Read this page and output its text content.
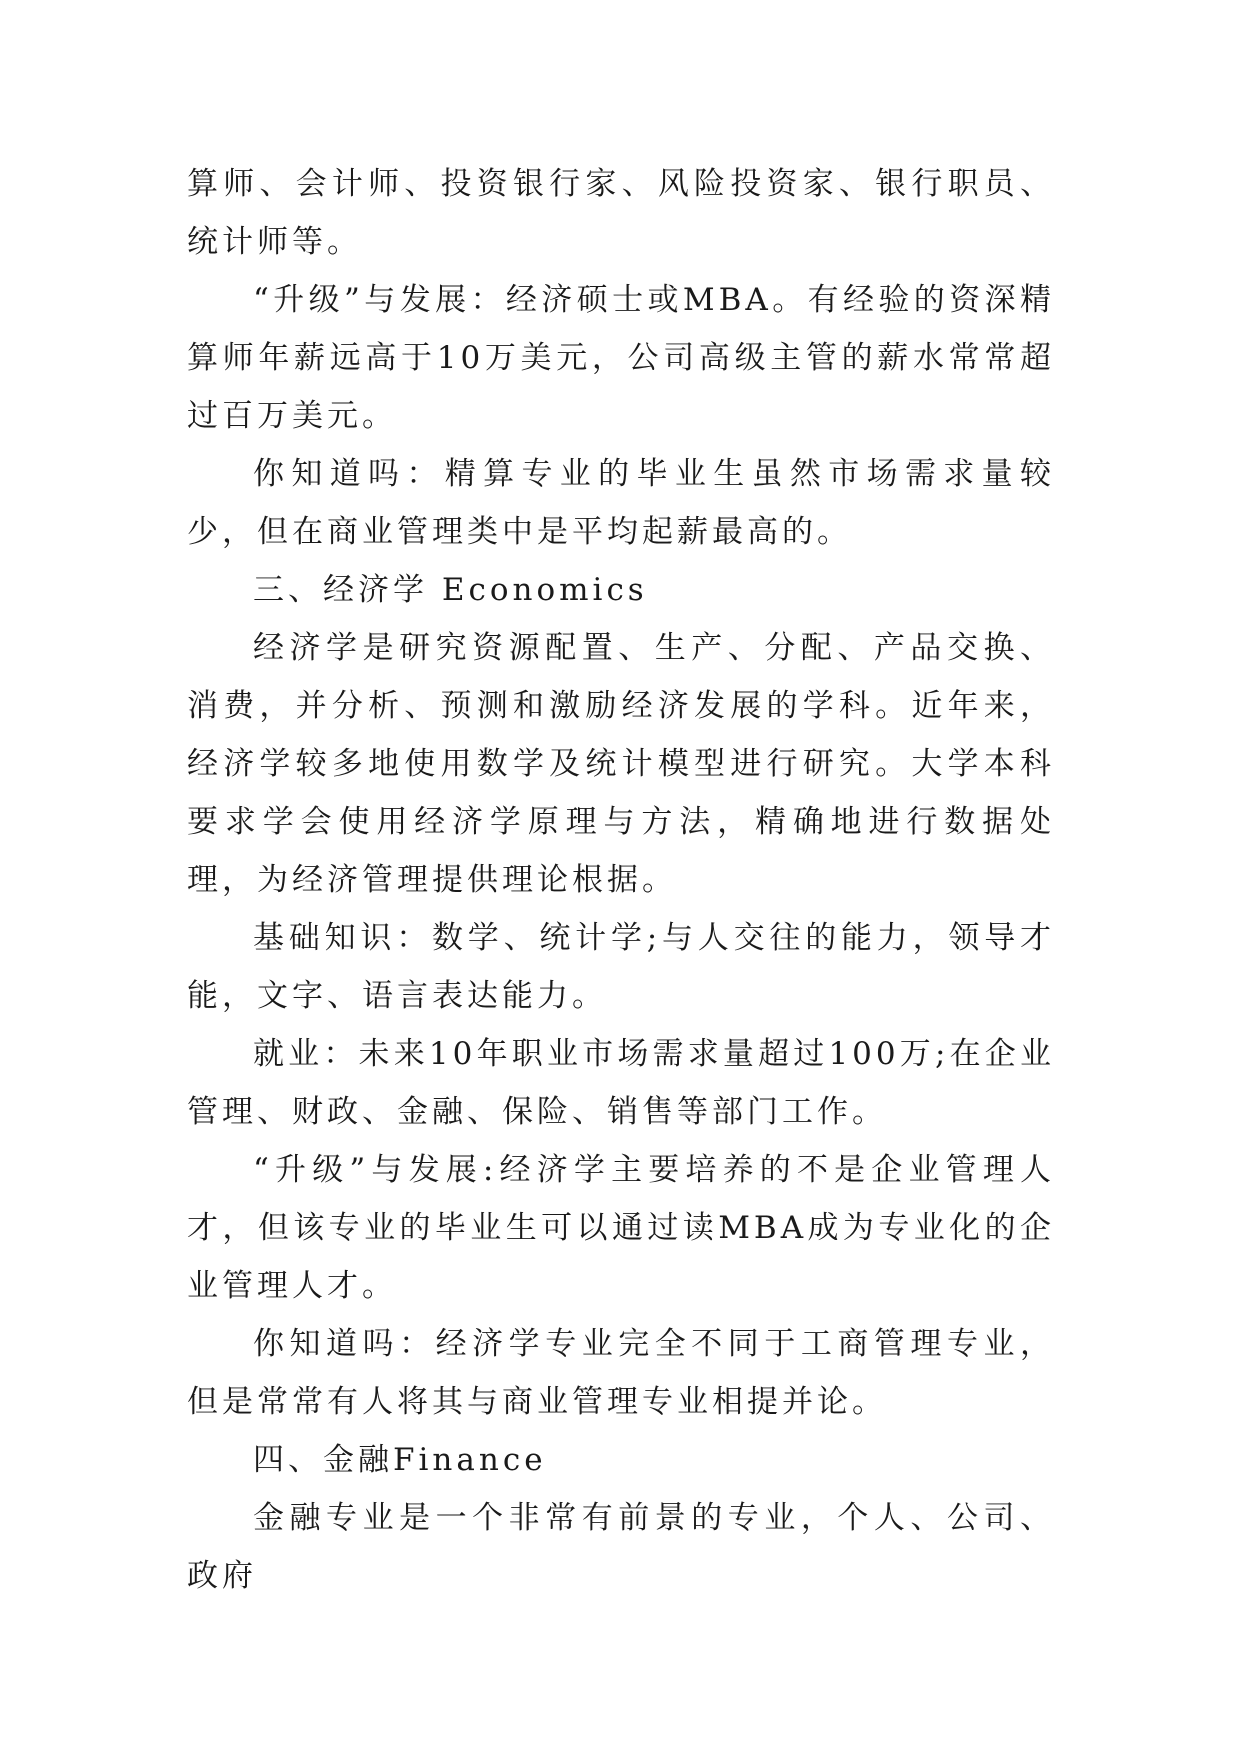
算师、会计师、投资银行家、风险投资家、银行职员、统计师等。

“升级”与发展：经济硕士或MBA。有经验的资深精算师年薪远高于10万美元，公司高级主管的薪水常常超过百万美元。

你知道吗：精算专业的毕业生虽然市场需求量较少，但在商业管理类中是平均起薪最高的。

三、经济学 Economics

经济学是研究资源配置、生产、分配、产品交换、消费，并分析、预测和激励经济发展的学科。近年来，经济学较多地使用数学及统计模型进行研究。大学本科要求学会使用经济学原理与方法，精确地进行数据处理，为经济管理提供理论根据。

基础知识：数学、统计学;与人交往的能力，领导才能，文字、语言表达能力。

就业：未来10年职业市场需求量超过100万;在企业管理、财政、金融、保险、销售等部门工作。

“升级”与发展:经济学主要培养的不是企业管理人才，但该专业的毕业生可以通过读MBA成为专业化的企业管理人才。

你知道吗：经济学专业完全不同于工商管理专业，但是常常有人将其与商业管理专业相提并论。

四、金融Finance

金融专业是一个非常有前景的专业，个人、公司、政府
